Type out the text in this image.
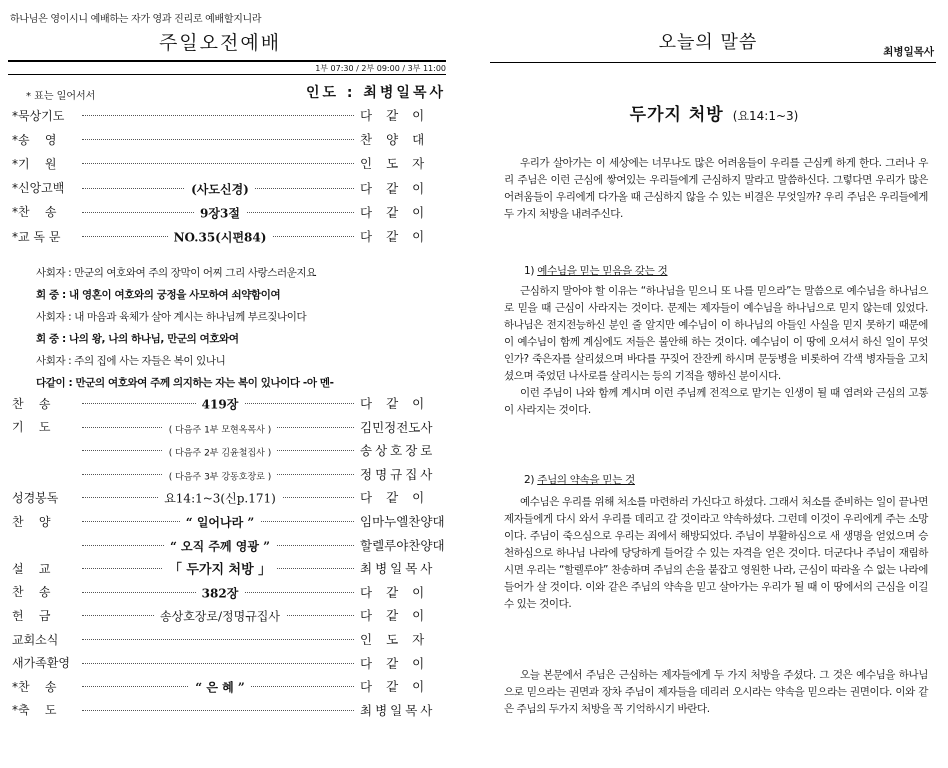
하나님은 영이시니 예배하는 자가 영과 진리로 예배할지니라
주일오전예배
1부 07:30 / 2부 09:00 / 3부 11:00
* 표는 일어서서	인도 : 최병일목사
*묵상기도	다같이
*송    영	찬양대
*기    원	인도자
*신앙고백	(사도신경)	다같이
*찬    송	9장3절	다같이
*교 독 문	NO.35(시편84)	다같이
사회자 : 만군의 여호와여 주의 장막이 어찌 그리 사랑스러운지요
회 중 : 내 영혼이 여호와의 궁정을 사모하여 쇠약함이여
사회자 : 내 마음과 육체가 살아 계시는 하나님께 부르짖나이다
회 중 : 나의 왕, 나의 하나님, 만군의 여호와여
사회자 : 주의 집에 사는 자들은 복이 있나니
다같이 : 만군의 여호와여 주께 의지하는 자는 복이 있나이다 -아 멘-
찬    송	419장	다같이
기    도	( 다음주 1부 모현옥목사 )	김민정전도사
( 다음주 2부 김윤철집사 )	송상호장로
( 다음주 3부 강동호장로 )	정명규집사
성경봉독	요14:1~3(신p.171)	다같이
찬    양	“ 일어나라 ”	임마누엘찬양대
“ 오직 주께 영광 ”	할렐루야찬양대
설    교	「 두가지 처방 」	최병일목사
찬    송	382장	다같이
헌    금	송상호장로/정명규집사	다같이
교회소식	인도자
새가족환영	다같이
*찬    송	“ 은 혜 ”	다같이
*축    도	최병일목사
오늘의 말씀	최병일목사
두가지 처방 (요14:1~3)

우리가 살아가는 이 세상에는 너무나도 많은 어려움들이 우리를 근심케 하게 한다. 그러나 우리 주님은 이런 근심에 쌓여있는 우리들에게 근심하지 말라고 말씀하신다. 그렇다면 우리가 많은 어려움들이 우리에게 다가올 때 근심하지 않을 수 있는 비결은 무엇일까? 우리 주님은 우리들에게 두 가지 처방을 내려주신다.

1) 예수님을 믿는 믿음을 갖는 것

근심하지 말아야 할 이유는 “하나님을 믿으니 또 나를 믿으라”는 말씀으로 예수님을 하나님으로 믿을 때 근심이 사라지는 것이다. 문제는 제자들이 예수님을 하나님으로 믿지 않는데 있었다. 하나님은 전지전능하신 분인 줄 알지만 예수님이 이 하나님의 아들인 사실을 믿지 못하기 때문에 이 예수님이 함께 계심에도 저들은 불안해 하는 것이다. 예수님이 이 땅에 오셔서 하신 일이 무엇인가? 죽은자를 살리셨으며 바다를 꾸짖어 잔잔케 하시며 문둥병을 비롯하여 각색 병자들을 고치셨으며 죽었던 나사로를 살리시는 등의 기적을 행하신 분이시다.

이런 주님이 나와 함께 계시며 이런 주님께 전적으로 맡기는 인생이 될 때 염려와 근심의 고통이 사라지는 것이다.

2) 주님의 약속을 믿는 것

예수님은 우리를 위해 처소를 마련하러 가신다고 하셨다. 그래서 처소를 준비하는 일이 끝나면 제자들에게 다시 와서 우리를 데리고 갈 것이라고 약속하셨다. 그런데 이것이 우리에게 주는 소망이다. 주님이 죽으심으로 우리는 죄에서 해방되었다. 주님이 부활하심으로 새 생명을 얻었으며 승천하심으로 하나님 나라에 당당하게 들어갈 수 있는 자격을 얻은 것이다. 더군다나 주님이 재림하시면 우리는 “할렐루야” 찬송하며 주님의 손을 붙잡고 영원한 나라, 근심이 따라올 수 없는 나라에 들어가 살 것이다. 이와 같은 주님의 약속을 믿고 살아가는 우리가 될 때 이 땅에서의 근심을 이길 수 있는 것이다.

오늘 본문에서 주님은 근심하는 제자들에게 두 가지 처방을 주셨다. 그 것은 예수님을 하나님으로 믿으라는 권면과 장차 주님이 제자들을 데리러 오시라는 약속을 믿으라는 권면이다. 이와 같은 주님의 두가지 처방을 꼭 기억하시기 바란다.
